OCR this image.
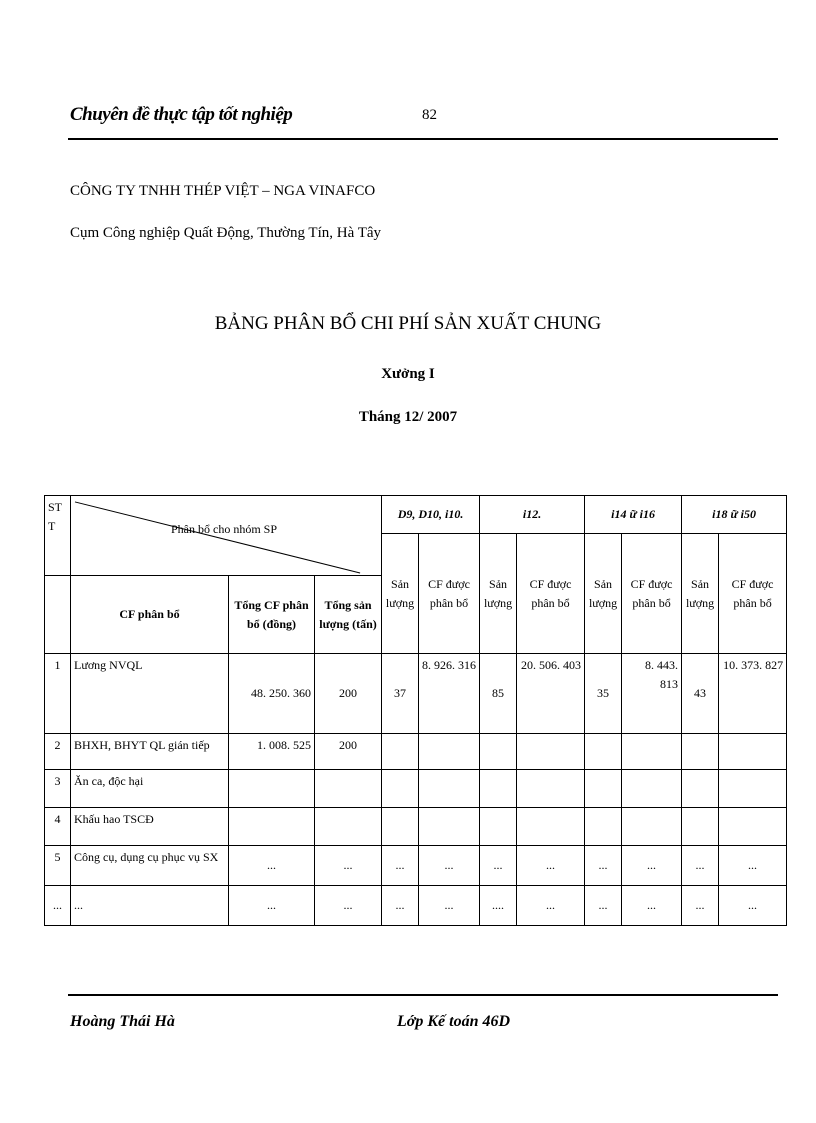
Chuyên đề thực tập tốt nghiệp	82
CÔNG TY TNHH THÉP VIỆT – NGA VINAFCO
Cụm Công nghiệp Quất Động, Thường Tín, Hà Tây
BẢNG PHÂN BỔ CHI PHÍ SẢN XUẤT CHUNG
Xưởng I
Tháng 12/ 2007
ST
T	Phân bổ cho nhóm SP			D9, D10, i10.		i12.		i14 ữ i16		i18 ữ i50	
				Sản lượng	CF được phân bổ	Sản lượng	CF được phân bổ	Sản lượng	CF được phân bổ	Sản lượng	CF được phân bổ
	CF phân bổ	Tổng CF phân bổ (đồng)	Tổng sản lượng (tấn)								
1	Lương NVQL	48. 250. 360	200	37	8. 926. 316	85	20. 506. 403	35	8. 443. 813	43	10. 373. 827
2	BHXH, BHYT QL gián tiếp	1. 008. 525	200								
3	Ăn ca, độc hại										
4	Khấu hao TSCĐ										
5	Công cụ, dụng cụ phục vụ SX	...	...	...	...	...	...	...	...	...	...
...	...	...	...	...	...	....	...	...	...	...	...
Hoàng Thái Hà	Lớp Kế toán 46D
